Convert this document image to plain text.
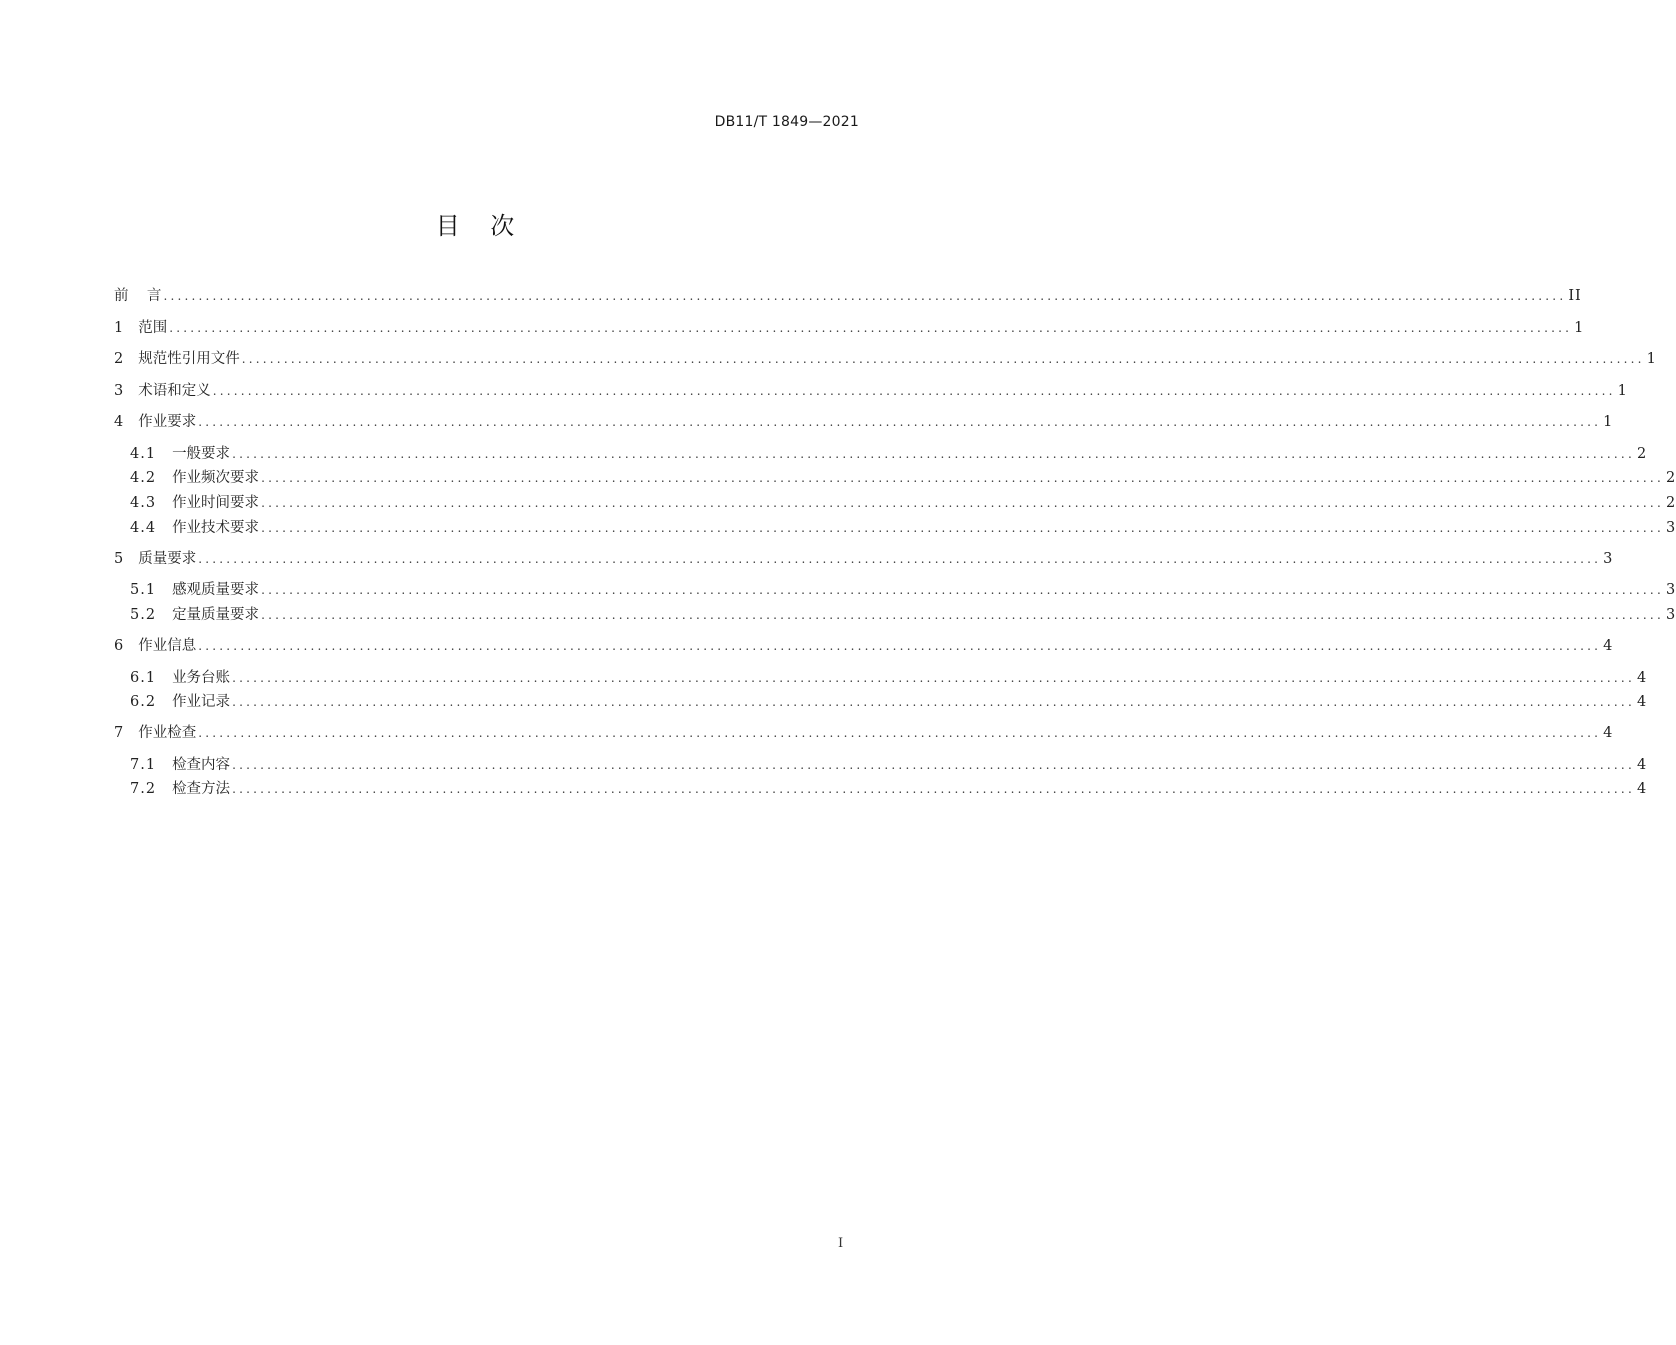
DB11/T 1849—2021
目    次
前    言 ........................................................................................................................................................................................................ II
1 范围 ........................................................................................................................................................................................................ 1
2 规范性引用文件 ........................................................................................................................................................................................................ 1
3 术语和定义 ........................................................................................................................................................................................................ 1
4 作业要求 ........................................................................................................................................................................................................ 1
4.1 一般要求 ........................................................................................................................................................................................................ 2
4.2 作业频次要求 ........................................................................................................................................................................................................ 2
4.3 作业时间要求 ........................................................................................................................................................................................................ 2
4.4 作业技术要求 ........................................................................................................................................................................................................ 3
5 质量要求 ........................................................................................................................................................................................................ 3
5.1 感观质量要求 ........................................................................................................................................................................................................ 3
5.2 定量质量要求 ........................................................................................................................................................................................................ 3
6 作业信息 ........................................................................................................................................................................................................ 4
6.1 业务台账 ........................................................................................................................................................................................................ 4
6.2 作业记录 ........................................................................................................................................................................................................ 4
7 作业检查 ........................................................................................................................................................................................................ 4
7.1 检查内容 ........................................................................................................................................................................................................ 4
7.2 检查方法 ........................................................................................................................................................................................................ 4
I
